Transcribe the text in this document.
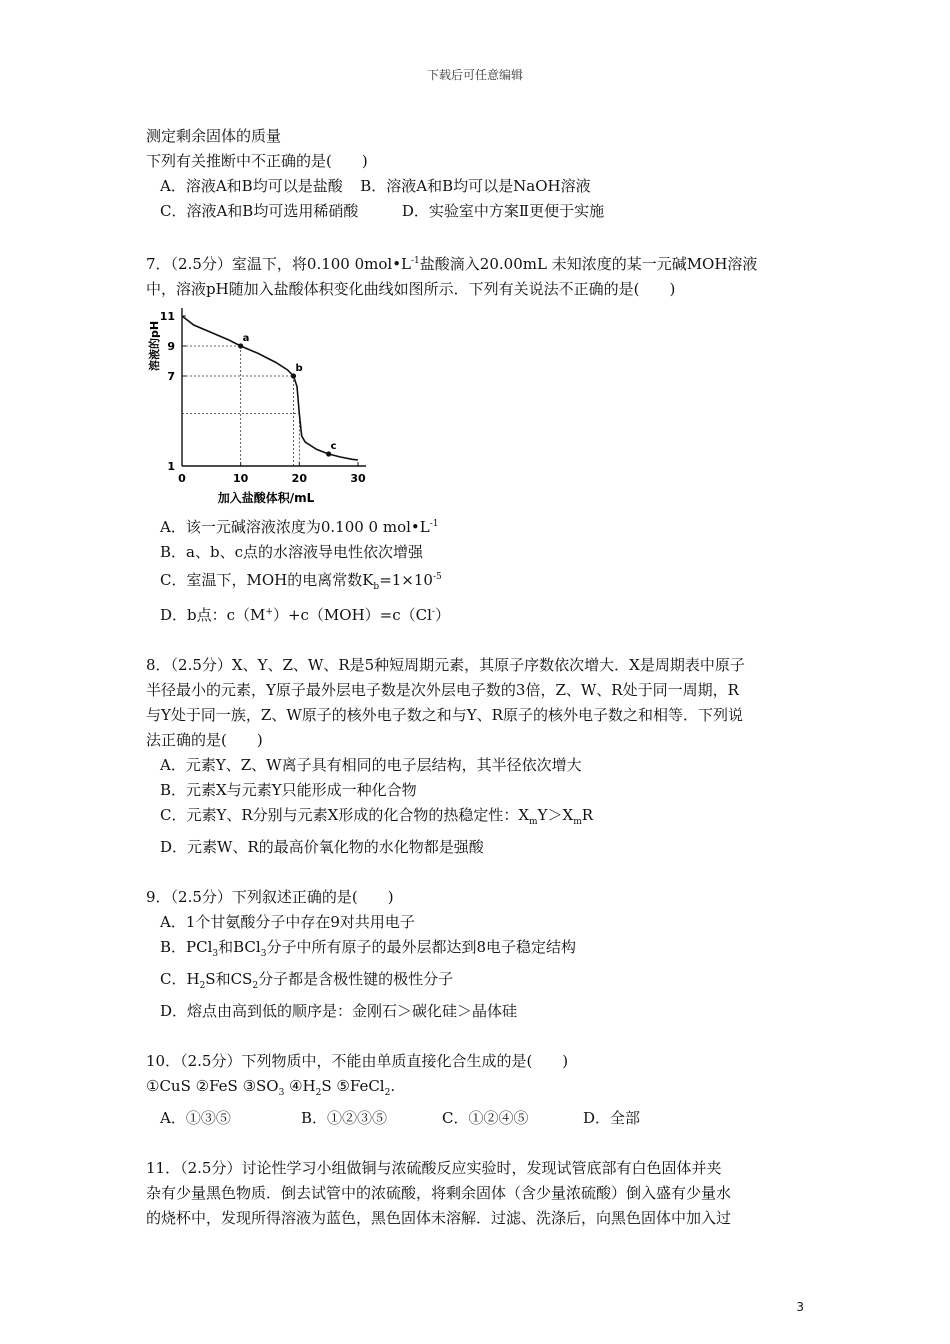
下载后可任意编辑
测定剩余固体的质量
下列有关推断中不正确的是(　　)
A．溶液A和B均可以是盐酸 B．溶液A和B均可以是NaOH溶液
C．溶液A和B均可选用稀硝酸	D．实验室中方案Ⅱ更便于实施
7．（2.5分）室温下，将0.100 $0mol•L^{-1}$盐酸滴入20.00mL 未知浓度的某一元碱MOH溶液
中，溶液pH随加入盐酸体积变化曲线如图所示．下列有关说法不正确的是(　　)
0	10	20	30
1
7
9
11
a
b
c
加入盐酸体积/mL
溶液的pH
A．该一元碱溶液浓度为0.100 0 $mol•L^{-1}$
B．a、b、c点的水溶液导电性依次增强
C．室温下，MOH的电离常数$K_b=1\times 10^{-5}$
D．b点：c（M+）+c（MOH）=c（Cl-）
8．（2.5分）X、Y、Z、W、R是5种短周期元素，其原子序数依次增大．X是周期表中原子
半径最小的元素，Y原子最外层电子数是次外层电子数的3倍，Z、W、R处于同一周期，R
与Y处于同一族，Z、W原子的核外电子数之和与Y、R原子的核外电子数之和相等．下列说
法正确的是(　　)
A．元素Y、Z、W离子具有相同的电子层结构，其半径依次增大
B．元素X与元素Y只能形成一种化合物
C．元素Y、R分别与元素X形成的化合物的热稳定性：$X_mY>X_mR$
D．元素W、R的最高价氧化物的水化物都是强酸
9．（2.5分）下列叙述正确的是(　　)
A．1个甘氨酸分子中存在9对共用电子
B．PCl$_3$和BCl$_3$分子中所有原子的最外层都达到8电子稳定结构
C．$H_2S$和$CS_2$分子都是含极性键的极性分子
D．熔点由高到低的顺序是：金刚石＞碳化硅＞晶体硅
10．（2.5分）下列物质中，不能由单质直接化合生成的是(　　)
①CuS ②FeS $③SO_3$ $④H_2S$ ⑤FeCl$_2$.
A．①③⑤	B．①②③⑤	C．①②④⑤	D．全部
11．（2.5分）讨论性学习小组做铜与浓硫酸反应实验时，发现试管底部有白色固体并夹
杂有少量黑色物质．倒去试管中的浓硫酸，将剩余固体（含少量浓硫酸）倒入盛有少量水
的烧杯中，发现所得溶液为蓝色，黑色固体未溶解．过滤、洗涤后，向黑色固体中加入过
3
